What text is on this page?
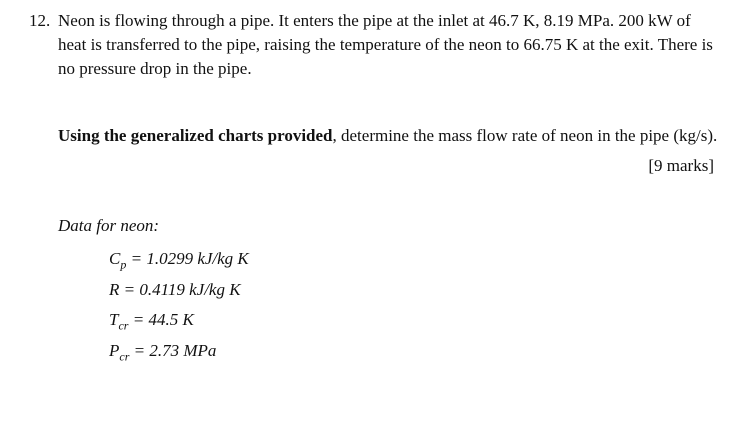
12. Neon is flowing through a pipe. It enters the pipe at the inlet at 46.7 K, 8.19 MPa. 200 kW of heat is transferred to the pipe, raising the temperature of the neon to 66.75 K at the exit. There is no pressure drop in the pipe.
Using the generalized charts provided, determine the mass flow rate of neon in the pipe (kg/s).
[9 marks]
Data for neon:
$C_p = 1.0299$ kJ/kg K
R = 0.4119 kJ/kg K
$T_{cr} = 44.5$ K
$P_{cr} = 2.73$ MPa
